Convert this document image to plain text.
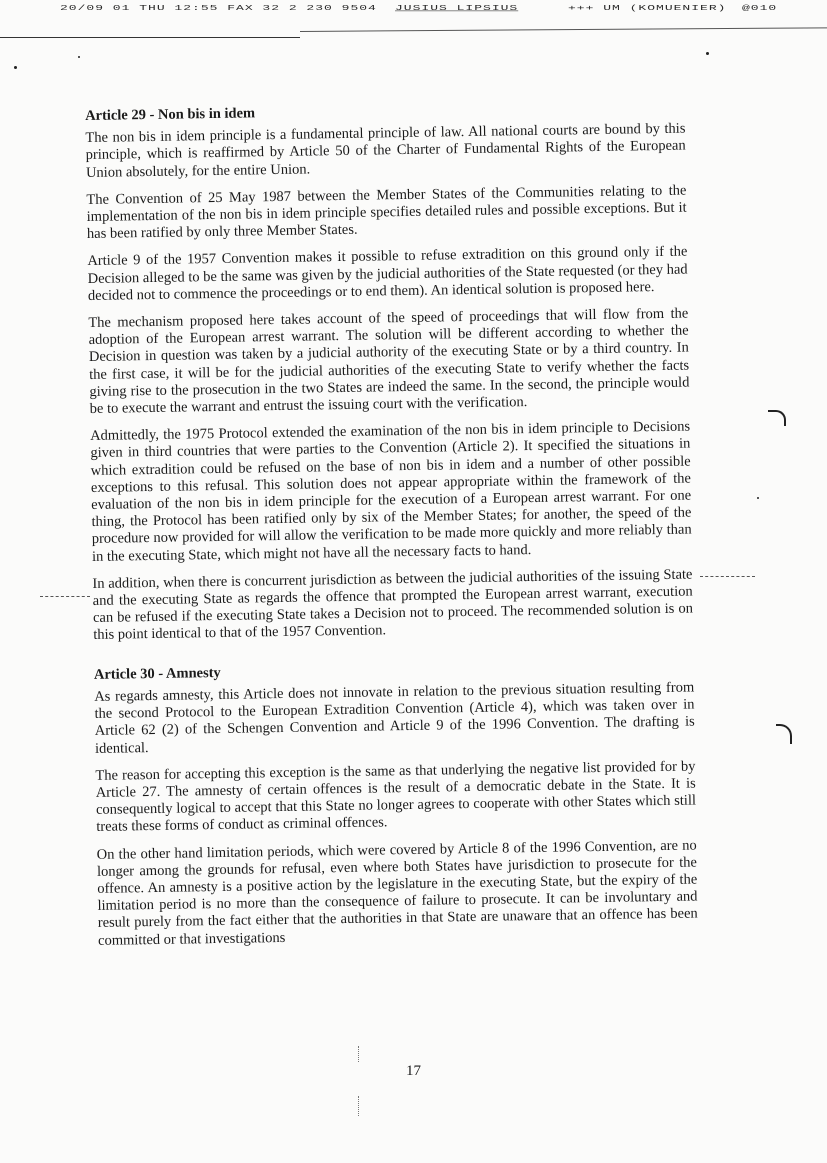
20/09 01 THU 12:55 FAX 32 2 230 9504 JUSIUS LIPSIUS	+++ UM (KOMUENIER) @010

Article 29 - Non bis in idem

The non bis in idem principle is a fundamental principle of law. All national courts are bound by this principle, which is reaffirmed by Article 50 of the Charter of Fundamental Rights of the European Union absolutely, for the entire Union.

The Convention of 25 May 1987 between the Member States of the Communities relating to the implementation of the non bis in idem principle specifies detailed rules and possible exceptions. But it has been ratified by only three Member States.

Article 9 of the 1957 Convention makes it possible to refuse extradition on this ground only if the Decision alleged to be the same was given by the judicial authorities of the State requested (or they had decided not to commence the proceedings or to end them). An identical solution is proposed here.

The mechanism proposed here takes account of the speed of proceedings that will flow from the adoption of the European arrest warrant. The solution will be different according to whether the Decision in question was taken by a judicial authority of the executing State or by a third country. In the first case, it will be for the judicial authorities of the executing State to verify whether the facts giving rise to the prosecution in the two States are indeed the same. In the second, the principle would be to execute the warrant and entrust the issuing court with the verification.

Admittedly, the 1975 Protocol extended the examination of the non bis in idem principle to Decisions given in third countries that were parties to the Convention (Article 2). It specified the situations in which extradition could be refused on the base of non bis in idem and a number of other possible exceptions to this refusal. This solution does not appear appropriate within the framework of the evaluation of the non bis in idem principle for the execution of a European arrest warrant. For one thing, the Protocol has been ratified only by six of the Member States; for another, the speed of the procedure now provided for will allow the verification to be made more quickly and more reliably than in the executing State, which might not have all the necessary facts to hand.

In addition, when there is concurrent jurisdiction as between the judicial authorities of the issuing State and the executing State as regards the offence that prompted the European arrest warrant, execution can be refused if the executing State takes a Decision not to proceed. The recommended solution is on this point identical to that of the 1957 Convention.

Article 30 - Amnesty

As regards amnesty, this Article does not innovate in relation to the previous situation resulting from the second Protocol to the European Extradition Convention (Article 4), which was taken over in Article 62 (2) of the Schengen Convention and Article 9 of the 1996 Convention. The drafting is identical.

The reason for accepting this exception is the same as that underlying the negative list provided for by Article 27. The amnesty of certain offences is the result of a democratic debate in the State. It is consequently logical to accept that this State no longer agrees to cooperate with other States which still treats these forms of conduct as criminal offences.

On the other hand limitation periods, which were covered by Article 8 of the 1996 Convention, are no longer among the grounds for refusal, even where both States have jurisdiction to prosecute for the offence. An amnesty is a positive action by the legislature in the executing State, but the expiry of the limitation period is no more than the consequence of failure to prosecute. It can be involuntary and result purely from the fact either that the authorities in that State are unaware that an offence has been committed or that investigations

17
